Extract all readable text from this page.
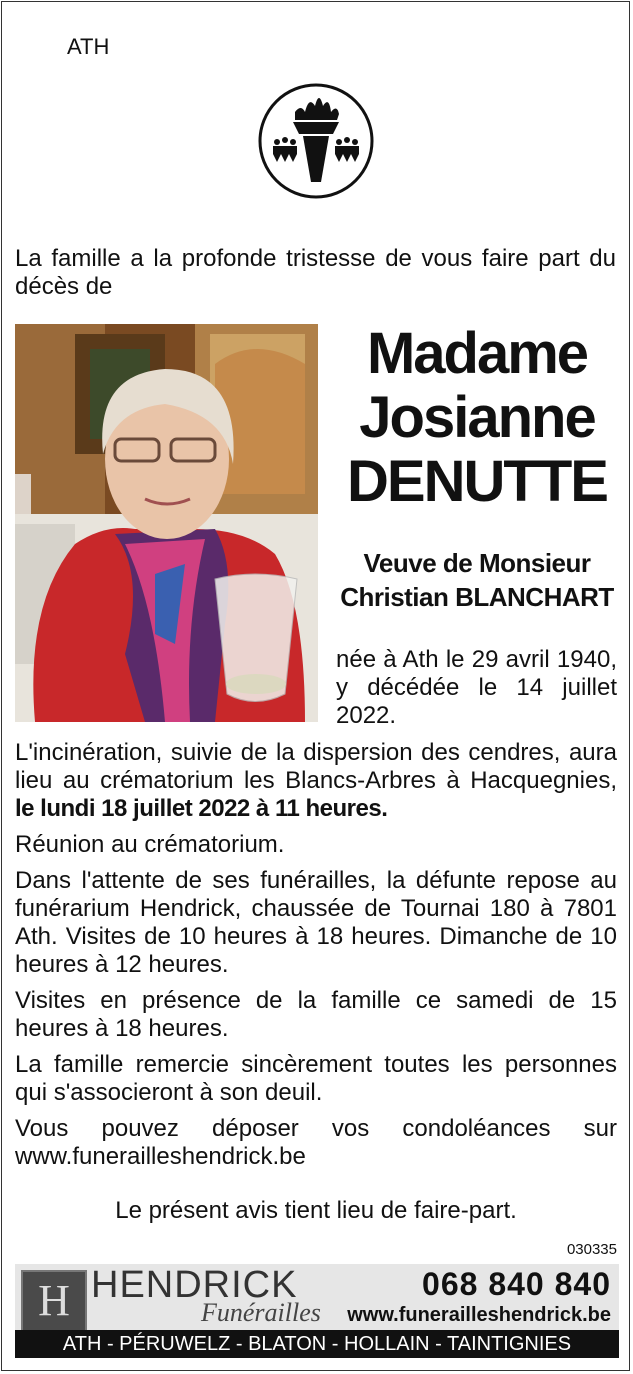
ATH
La famille a la profonde tristesse de vous faire part du décès de
Madame
Josianne
DENUTTE
Veuve de Monsieur
Christian BLANCHART
née à Ath le 29 avril 1940, y décédée le 14 juillet 2022.

L'incinération, suivie de la dispersion des cendres, aura lieu au crématorium les Blancs-Arbres à Hacquegnies, le lundi 18 juillet 2022 à 11 heures.

Réunion au crématorium.

Dans l'attente de ses funérailles, la défunte repose au funérarium Hendrick, chaussée de Tournai 180 à 7801 Ath. Visites de 10 heures à 18 heures. Dimanche de 10 heures à 12 heures.

Visites en présence de la famille ce samedi de 15 heures à 18 heures.

La famille remercie sincèrement toutes les personnes qui s'associeront à son deuil.

Vous pouvez déposer vos condoléances sur www.funerailleshendrick.be

Le présent avis tient lieu de faire-part.
030335
H HENDRICK
Funérailles
068 840 840
www.funerailleshendrick.be
ATH - PÉRUWELZ - BLATON - HOLLAIN - TAINTIGNIES
